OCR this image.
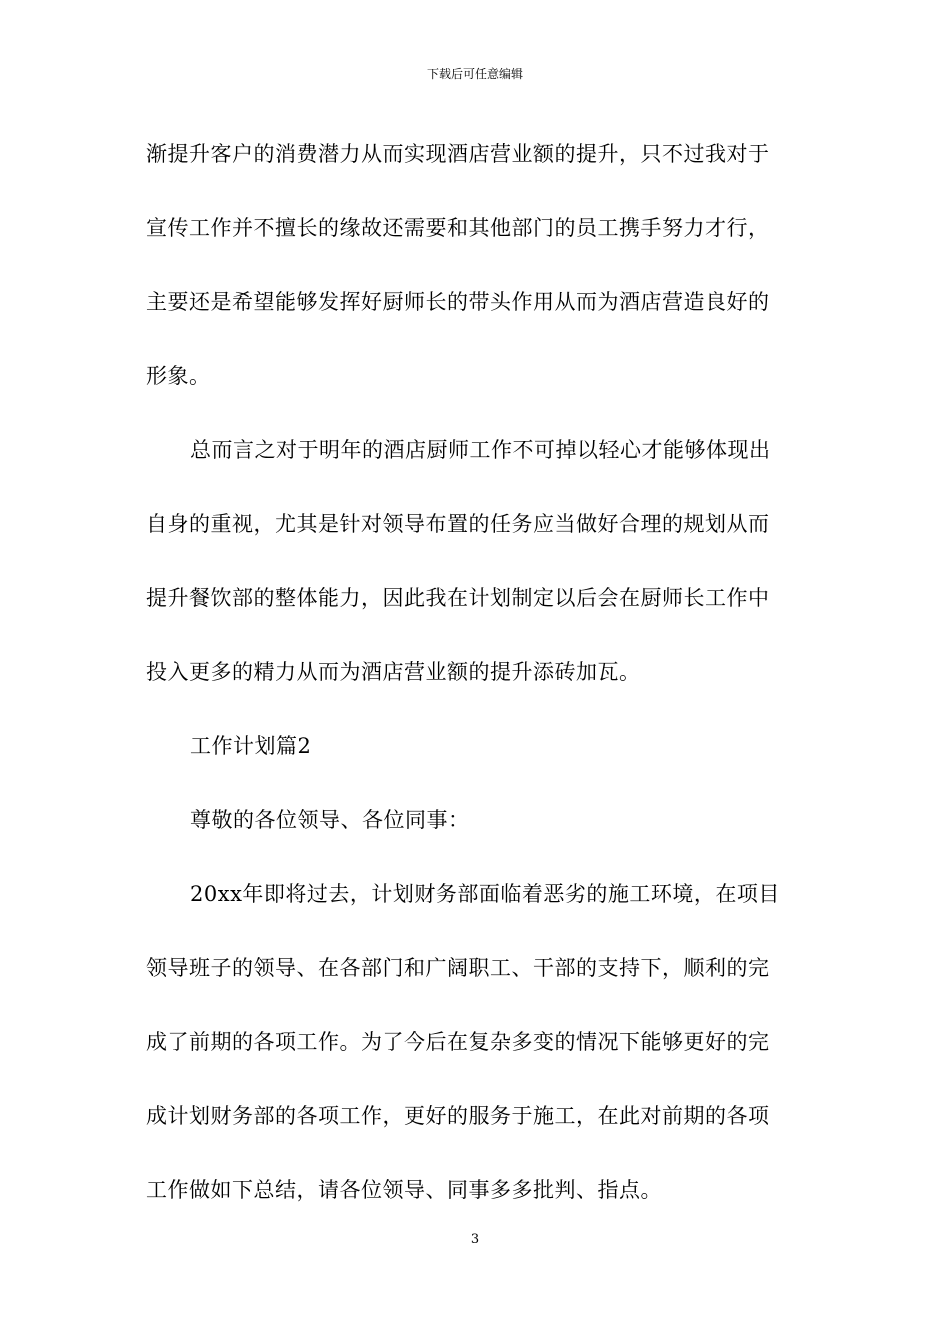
下载后可任意编辑
渐提升客户的消费潜力从而实现酒店营业额的提升，只不过我对于
宣传工作并不擅长的缘故还需要和其他部门的员工携手努力才行，
主要还是希望能够发挥好厨师长的带头作用从而为酒店营造良好的
形象。
总而言之对于明年的酒店厨师工作不可掉以轻心才能够体现出
自身的重视，尤其是针对领导布置的任务应当做好合理的规划从而
提升餐饮部的整体能力，因此我在计划制定以后会在厨师长工作中
投入更多的精力从而为酒店营业额的提升添砖加瓦。
工作计划篇2
尊敬的各位领导、各位同事：
20xx年即将过去，计划财务部面临着恶劣的施工环境，在项目
领导班子的领导、在各部门和广阔职工、干部的支持下，顺利的完
成了前期的各项工作。为了今后在复杂多变的情况下能够更好的完
成计划财务部的各项工作，更好的服务于施工，在此对前期的各项
工作做如下总结，请各位领导、同事多多批判、指点。
3
